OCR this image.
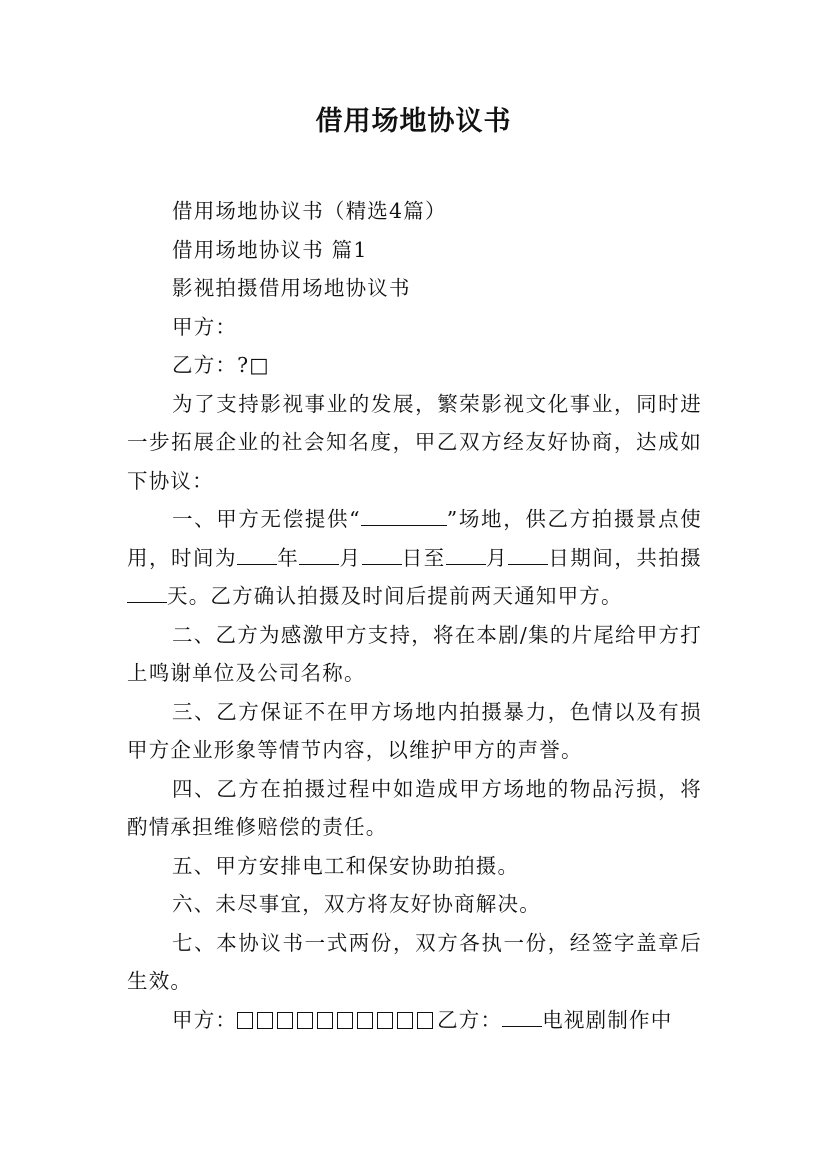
借用场地协议书

借用场地协议书（精选4篇）

借用场地协议书 篇1

影视拍摄借用场地协议书

甲方：

乙方：?□

为了支持影视事业的发展，繁荣影视文化事业，同时进一步拓展企业的社会知名度，甲乙双方经友好协商，达成如下协议：

一、甲方无偿提供“	”场地，供乙方拍摄景点使用，时间为 年 月 日至 月 日期间，共拍摄天。乙方确认拍摄及时间后提前两天通知甲方。

二、乙方为感激甲方支持，将在本剧/集的片尾给甲方打上鸣谢单位及公司名称。

三、乙方保证不在甲方场地内拍摄暴力，色情以及有损甲方企业形象等情节内容，以维护甲方的声誉。

四、乙方在拍摄过程中如造成甲方场地的物品污损，将酌情承担维修赔偿的责任。

五、甲方安排电工和保安协助拍摄。

六、未尽事宜，双方将友好协商解决。

七、本协议书一式两份，双方各执一份，经签字盖章后生效。

甲方：	乙方： 电视剧制作中
